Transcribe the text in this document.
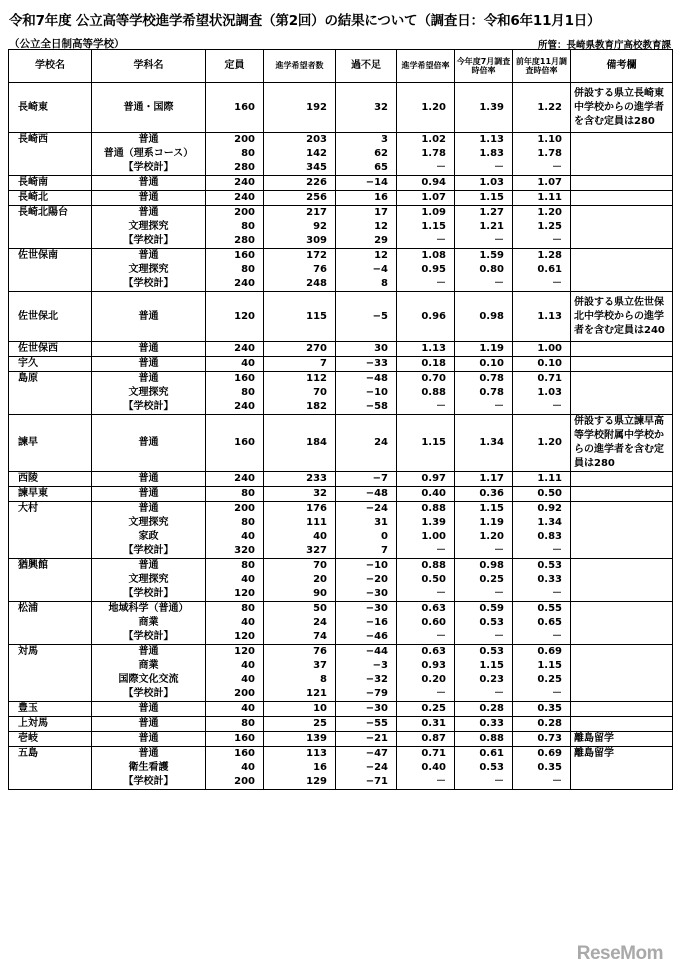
令和7年度 公立高等学校進学希望状況調査（第2回）の結果について（調査日：令和6年11月1日）
（公立全日制高等学校）	所管：長崎県教育庁高校教育課
学校名	学科名	定員	進学希望者数	過不足	進学希望倍率	今年度7月調査時倍率	前年度11月調査時倍率	備考欄
長崎東	普通・国際	160	192	32	1.20	1.39	1.22	併設する県立長崎東中学校からの進学者を含む定員は280
長崎西	普通	200	203	3	1.02	1.13	1.10	
	普通（理系コース）	80	142	62	1.78	1.83	1.78	
	【学校計】	280	345	65	－	－	－	
長崎南	普通	240	226	−14	0.94	1.03	1.07	
長崎北	普通	240	256	16	1.07	1.15	1.11	
長崎北陽台	普通	200	217	17	1.09	1.27	1.20	
	文理探究	80	92	12	1.15	1.21	1.25	
	【学校計】	280	309	29	－	－	－	
佐世保南	普通	160	172	12	1.08	1.59	1.28	
	文理探究	80	76	−4	0.95	0.80	0.61	
	【学校計】	240	248	8	－	－	－	
佐世保北	普通	120	115	−5	0.96	0.98	1.13	併設する県立佐世保北中学校からの進学者を含む定員は240
佐世保西	普通	240	270	30	1.13	1.19	1.00	
宇久	普通	40	7	−33	0.18	0.10	0.10	
島原	普通	160	112	−48	0.70	0.78	0.71	
	文理探究	80	70	−10	0.88	0.78	1.03	
	【学校計】	240	182	−58	－	－	－	
諫早	普通	160	184	24	1.15	1.34	1.20	併設する県立諫早高等学校附属中学校からの進学者を含む定員は280
西陵	普通	240	233	−7	0.97	1.17	1.11	
諫早東	普通	80	32	−48	0.40	0.36	0.50	
大村	普通	200	176	−24	0.88	1.15	0.92	
	文理探究	80	111	31	1.39	1.19	1.34	
	家政	40	40	0	1.00	1.20	0.83	
	【学校計】	320	327	7	－	－	－	
猶興館	普通	80	70	−10	0.88	0.98	0.53	
	文理探究	40	20	−20	0.50	0.25	0.33	
	【学校計】	120	90	−30	－	－	－	
松浦	地域科学（普通）	80	50	−30	0.63	0.59	0.55	
	商業	40	24	−16	0.60	0.53	0.65	
	【学校計】	120	74	−46	－	－	－	
対馬	普通	120	76	−44	0.63	0.53	0.69	
	商業	40	37	−3	0.93	1.15	1.15	
	国際文化交流	40	8	−32	0.20	0.23	0.25	
	【学校計】	200	121	−79	－	－	－	
豊玉	普通	40	10	−30	0.25	0.28	0.35	
上対馬	普通	80	25	−55	0.31	0.33	0.28	
壱岐	普通	160	139	−21	0.87	0.88	0.73	離島留学
五島	普通	160	113	−47	0.71	0.61	0.69	離島留学
	衛生看護	40	16	−24	0.40	0.53	0.35	
	【学校計】	200	129	−71	－	－	－	
ReseMom
